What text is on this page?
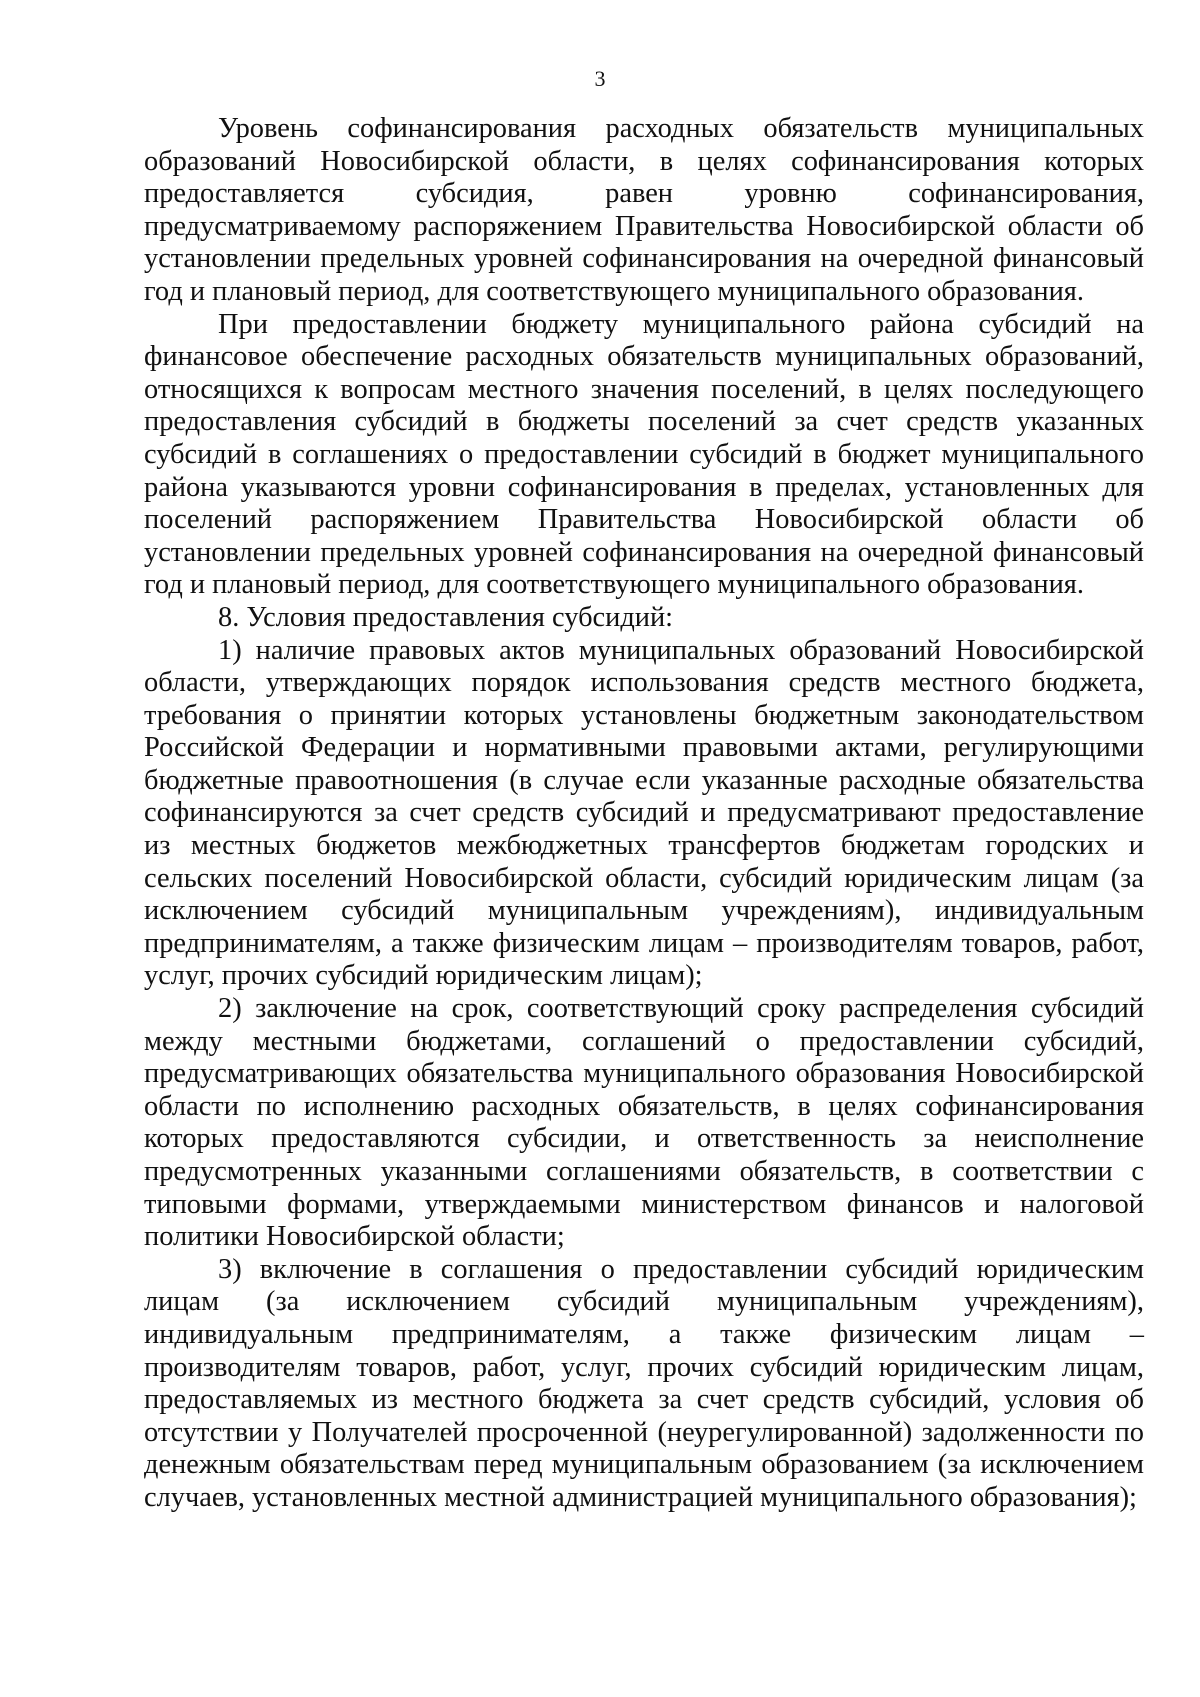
3

Уровень софинансирования расходных обязательств муниципальных образований Новосибирской области, в целях софинансирования которых предоставляется субсидия, равен уровню софинансирования, предусматриваемому распоряжением Правительства Новосибирской области об установлении предельных уровней софинансирования на очередной финансовый год и плановый период, для соответствующего муниципального образования.

При предоставлении бюджету муниципального района субсидий на финансовое обеспечение расходных обязательств муниципальных образований, относящихся к вопросам местного значения поселений, в целях последующего предоставления субсидий в бюджеты поселений за счет средств указанных субсидий в соглашениях о предоставлении субсидий в бюджет муниципального района указываются уровни софинансирования в пределах, установленных для поселений распоряжением Правительства Новосибирской области об установлении предельных уровней софинансирования на очередной финансовый год и плановый период, для соответствующего муниципального образования.

8. Условия предоставления субсидий:

1) наличие правовых актов муниципальных образований Новосибирской области, утверждающих порядок использования средств местного бюджета, требования о принятии которых установлены бюджетным законодательством Российской Федерации и нормативными правовыми актами, регулирующими бюджетные правоотношения (в случае если указанные расходные обязательства софинансируются за счет средств субсидий и предусматривают предоставление из местных бюджетов межбюджетных трансфертов бюджетам городских и сельских поселений Новосибирской области, субсидий юридическим лицам (за исключением субсидий муниципальным учреждениям), индивидуальным предпринимателям, а также физическим лицам – производителям товаров, работ, услуг, прочих субсидий юридическим лицам);

2) заключение на срок, соответствующий сроку распределения субсидий между местными бюджетами, соглашений о предоставлении субсидий, предусматривающих обязательства муниципального образования Новосибирской области по исполнению расходных обязательств, в целях софинансирования которых предоставляются субсидии, и ответственность за неисполнение предусмотренных указанными соглашениями обязательств, в соответствии с типовыми формами, утверждаемыми министерством финансов и налоговой политики Новосибирской области;

3) включение в соглашения о предоставлении субсидий юридическим лицам (за исключением субсидий муниципальным учреждениям), индивидуальным предпринимателям, а также физическим лицам – производителям товаров, работ, услуг, прочих субсидий юридическим лицам, предоставляемых из местного бюджета за счет средств субсидий, условия об отсутствии у Получателей просроченной (неурегулированной) задолженности по денежным обязательствам перед муниципальным образованием (за исключением случаев, установленных местной администрацией муниципального образования);
